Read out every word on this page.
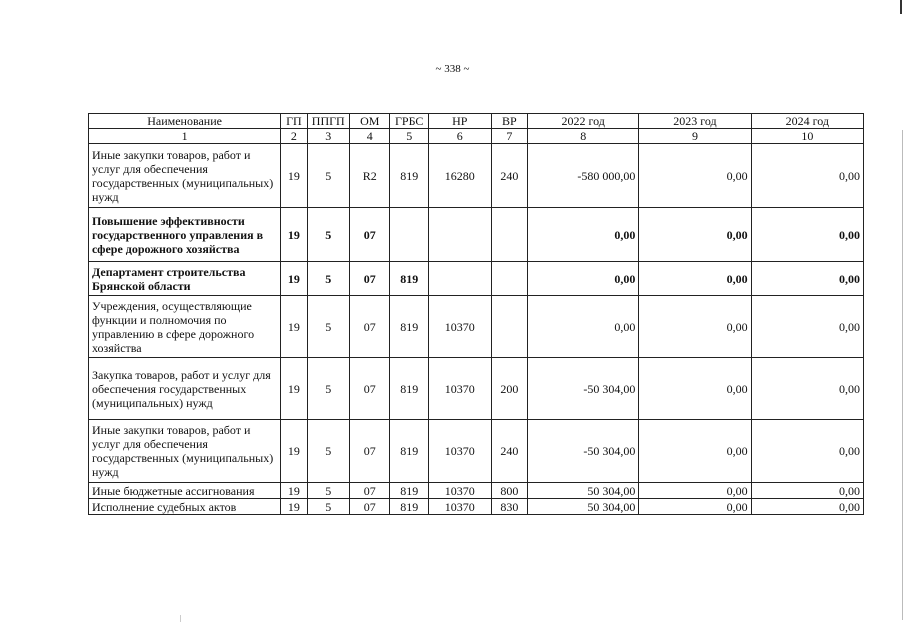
~ 338 ~
Наименование	ГП	ППГП	ОМ	ГРБС	НР	ВР	2022 год	2023 год	2024 год
1	2	3	4	5	6	7	8	9	10
Иные закупки товаров, работ и услуг для обеспечения государственных (муниципальных) нужд	19	5	R2	819	16280	240	-580 000,00	0,00	0,00
Повышение эффективности государственного управления в сфере дорожного хозяйства	19	5	07				0,00	0,00	0,00
Департамент строительства Брянской области	19	5	07	819			0,00	0,00	0,00
Учреждения, осуществляющие функции и полномочия по управлению в сфере дорожного хозяйства	19	5	07	819	10370		0,00	0,00	0,00
Закупка товаров, работ и услуг для обеспечения государственных (муниципальных) нужд	19	5	07	819	10370	200	-50 304,00	0,00	0,00
Иные закупки товаров, работ и услуг для обеспечения государственных (муниципальных) нужд	19	5	07	819	10370	240	-50 304,00	0,00	0,00
Иные бюджетные ассигнования	19	5	07	819	10370	800	50 304,00	0,00	0,00
Исполнение судебных актов	19	5	07	819	10370	830	50 304,00	0,00	0,00
